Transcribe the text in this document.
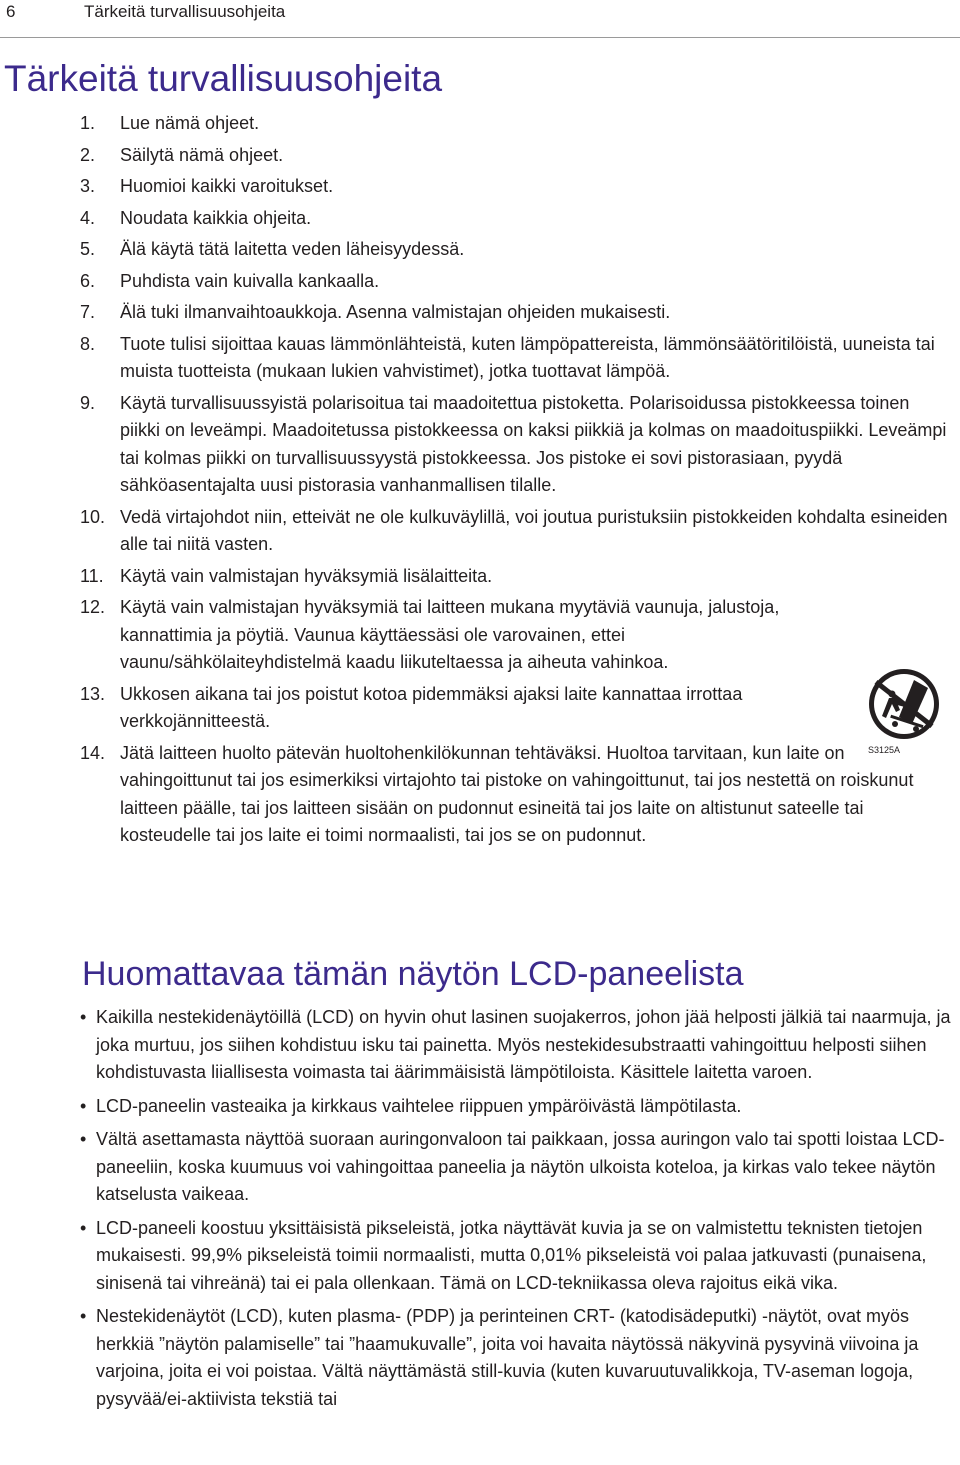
6	Tärkeitä turvallisuusohjeita
Tärkeitä turvallisuusohjeita
1. Lue nämä ohjeet.
2. Säilytä nämä ohjeet.
3. Huomioi kaikki varoitukset.
4. Noudata kaikkia ohjeita.
5. Älä käytä tätä laitetta veden läheisyydessä.
6. Puhdista vain kuivalla kankaalla.
7. Älä tuki ilmanvaihtoaukkoja. Asenna valmistajan ohjeiden mukaisesti.
8. Tuote tulisi sijoittaa kauas lämmönlähteistä, kuten lämpöpattereista, lämmönsäätöritilöistä, uuneista tai muista tuotteista (mukaan lukien vahvistimet), jotka tuottavat lämpöä.
9. Käytä turvallisuussyistä polarisoitua tai maadoitettua pistoketta. Polarisoidussa pistokkeessa toinen piikki on leveämpi. Maadoitetussa pistokkeessa on kaksi piikkiä ja kolmas on maadoituspiikki. Leveämpi tai kolmas piikki on turvallisuussyystä pistokkeessa. Jos pistoke ei sovi pistorasiaan, pyydä sähköasentajalta uusi pistorasia vanhanmallisen tilalle.
10. Vedä virtajohdot niin, etteivät ne ole kulkuväylillä, voi joutua puristuksiin pistokkeiden kohdalta esineiden alle tai niitä vasten.
11. Käytä vain valmistajan hyväksymiä lisälaitteita.
12. Käytä vain valmistajan hyväksymiä tai laitteen mukana myytäviä vaunuja, jalustoja, kannattimia ja pöytiä. Vaunua käyttäessäsi ole varovainen, ettei vaunu/sähkölaiteyhdistelmä kaadu liikuteltaessa ja aiheuta vahinkoa.
13. Ukkosen aikana tai jos poistut kotoa pidemmäksi ajaksi laite kannattaa irrottaa verkkojännitteestä.
14. Jätä laitteen huolto pätevän huoltohenkilökunnan tehtäväksi. Huoltoa tarvitaan, kun laite on vahingoittunut tai jos esimerkiksi virtajohto tai pistoke on vahingoittunut, tai jos nestettä on roiskunut laitteen päälle, tai jos laitteen sisään on pudonnut esineitä tai jos laite on altistunut sateelle tai kosteudelle tai jos laite ei toimi normaalisti, tai jos se on pudonnut.
S3125A
Huomattavaa tämän näytön LCD-paneelista
• Kaikilla nestekidenäytöillä (LCD) on hyvin ohut lasinen suojakerros, johon jää helposti jälkiä tai naarmuja, ja joka murtuu, jos siihen kohdistuu isku tai painetta. Myös nestekidesubstraatti vahingoittuu helposti siihen kohdistuvasta liiallisesta voimasta tai äärimmäisistä lämpötiloista. Käsittele laitetta varoen.
• LCD-paneelin vasteaika ja kirkkaus vaihtelee riippuen ympäröivästä lämpötilasta.
• Vältä asettamasta näyttöä suoraan auringonvaloon tai paikkaan, jossa auringon valo tai spotti loistaa LCD-paneeliin, koska kuumuus voi vahingoittaa paneelia ja näytön ulkoista koteloa, ja kirkas valo tekee näytön katselusta vaikeaa.
• LCD-paneeli koostuu yksittäisistä pikseleistä, jotka näyttävät kuvia ja se on valmistettu teknisten tietojen mukaisesti. 99,9% pikseleistä toimii normaalisti, mutta 0,01% pikseleistä voi palaa jatkuvasti (punaisena, sinisenä tai vihreänä) tai ei pala ollenkaan. Tämä on LCD-tekniikassa oleva rajoitus eikä vika.
• Nestekidenäytöt (LCD), kuten plasma- (PDP) ja perinteinen CRT- (katodisädeputki) -näytöt, ovat myös herkkiä ”näytön palamiselle” tai ”haamukuvalle”, joita voi havaita näytössä näkyvinä pysyvinä viivoina ja varjoina, joita ei voi poistaa. Vältä näyttämästä still-kuvia (kuten kuvaruutuvalikkoja, TV-aseman logoja, pysyvää/ei-aktiivista tekstiä tai
